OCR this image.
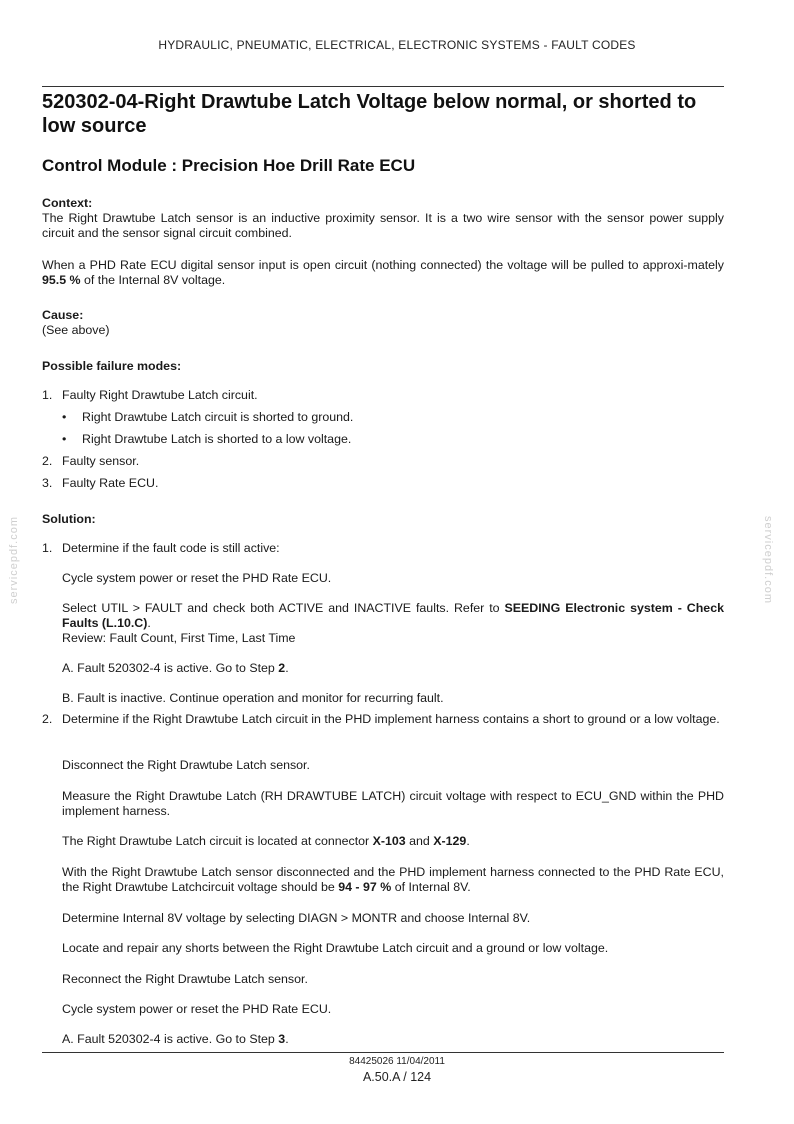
HYDRAULIC, PNEUMATIC, ELECTRICAL, ELECTRONIC SYSTEMS - FAULT CODES
520302-04-Right Drawtube Latch Voltage below normal, or shorted to low source
Control Module : Precision Hoe Drill Rate ECU
Context:
The Right Drawtube Latch sensor is an inductive proximity sensor. It is a two wire sensor with the sensor power supply circuit and the sensor signal circuit combined.
When a PHD Rate ECU digital sensor input is open circuit (nothing connected) the voltage will be pulled to approxi-mately 95.5 % of the Internal 8V voltage.
Cause:
(See above)
Possible failure modes:
1. Faulty Right Drawtube Latch circuit.
• Right Drawtube Latch circuit is shorted to ground.
• Right Drawtube Latch is shorted to a low voltage.
2. Faulty sensor.
3. Faulty Rate ECU.
Solution:
1. Determine if the fault code is still active:
Cycle system power or reset the PHD Rate ECU.
Select UTIL > FAULT and check both ACTIVE and INACTIVE faults. Refer to SEEDING Electronic system - Check Faults (L.10.C).
Review: Fault Count, First Time, Last Time
A. Fault 520302-4 is active. Go to Step 2.
B. Fault is inactive. Continue operation and monitor for recurring fault.
2. Determine if the Right Drawtube Latch circuit in the PHD implement harness contains a short to ground or a low voltage.
Disconnect the Right Drawtube Latch sensor.
Measure the Right Drawtube Latch (RH DRAWTUBE LATCH) circuit voltage with respect to ECU_GND within the PHD implement harness.
The Right Drawtube Latch circuit is located at connector X-103 and X-129.
With the Right Drawtube Latch sensor disconnected and the PHD implement harness connected to the PHD Rate ECU, the Right Drawtube Latchcircuit voltage should be 94 - 97 % of Internal 8V.
Determine Internal 8V voltage by selecting DIAGN > MONTR and choose Internal 8V.
Locate and repair any shorts between the Right Drawtube Latch circuit and a ground or low voltage.
Reconnect the Right Drawtube Latch sensor.
Cycle system power or reset the PHD Rate ECU.
A. Fault 520302-4 is active. Go to Step 3.
servicepdf.com	servicepdf.com
84425026 11/04/2011
A.50.A / 124
